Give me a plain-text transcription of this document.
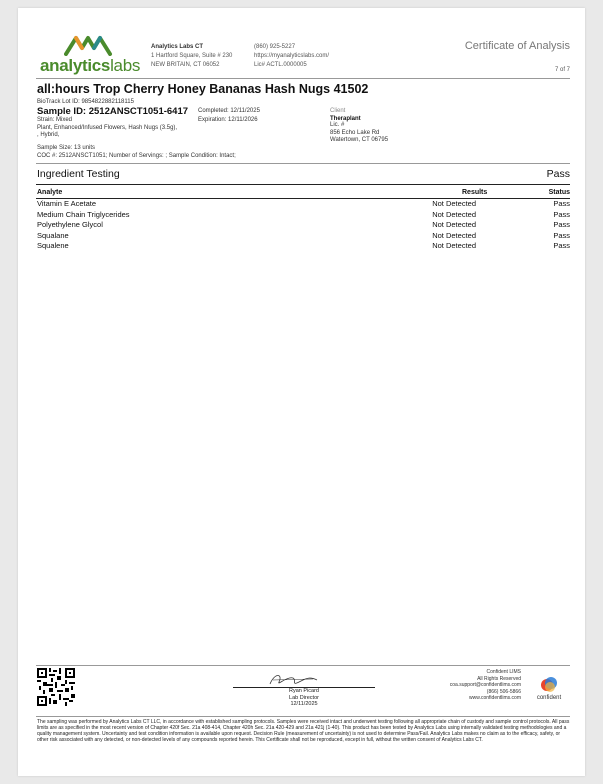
analyticslabs
Analytics Labs CT
1 Hartford Square, Suite # 230
NEW BRITAIN, CT 06052
(860) 925-5227
https://myanalyticslabs.com/
Lic# ACTL.0000005
Certificate of Analysis
7 of 7
all:hours Trop Cherry Honey Bananas Hash Nugs 41502
BioTrack Lot ID: 9854822882118115
Sample ID: 2512ANSCT1051-6417
Strain: Mixed
Plant, Enhanced/Infused Flowers, Hash Nugs (3.5g),
, Hybrid,
Completed: 12/11/2025
Expiration: 12/11/2026
Client
Theraplant
Lic. #
856 Echo Lake Rd
Watertown, CT 06795
Sample Size: 13 units
COC #: 2512ANSCT1051; Number of Servings: ; Sample Condition: Intact;
Ingredient Testing	Pass
Analyte	Results	Status
Vitamin E Acetate	Not Detected	Pass
Medium Chain Triglycerides	Not Detected	Pass
Polyethylene Glycol	Not Detected	Pass
Squalane	Not Detected	Pass
Squalene	Not Detected	Pass
Ryan Picard
Lab Director
12/11/2025
Confident LIMS
All Rights Reserved
coa.support@confidentlims.com
(866) 506-5866
www.confidentlims.com	confident
The sampling was performed by Analytics Labs CT LLC, in accordance with established sampling protocols. Samples were received intact and underwent testing following all appropriate chain of custody and sample control protocols. All pass limits are as specified in the most recent version of Chapter 420f Sec. 21a 408-414, Chapter 420h Sec. 21a 420-429 and 21a 421j (1-40). This product has been tested by Analytics Labs using internally validated testing methodologies and a quality management system. Uncertainty and test condition information is available upon request. Decision Rule (measurement of uncertainty) is not used to determine Pass/Fail. Analytics Labs makes no claim as to the efficacy, safety, or other risk associated with any detected, or non-detected levels of any compounds reported herein. This Certificate shall not be reproduced, except in full, without the written consent of Analytics Labs CT.
